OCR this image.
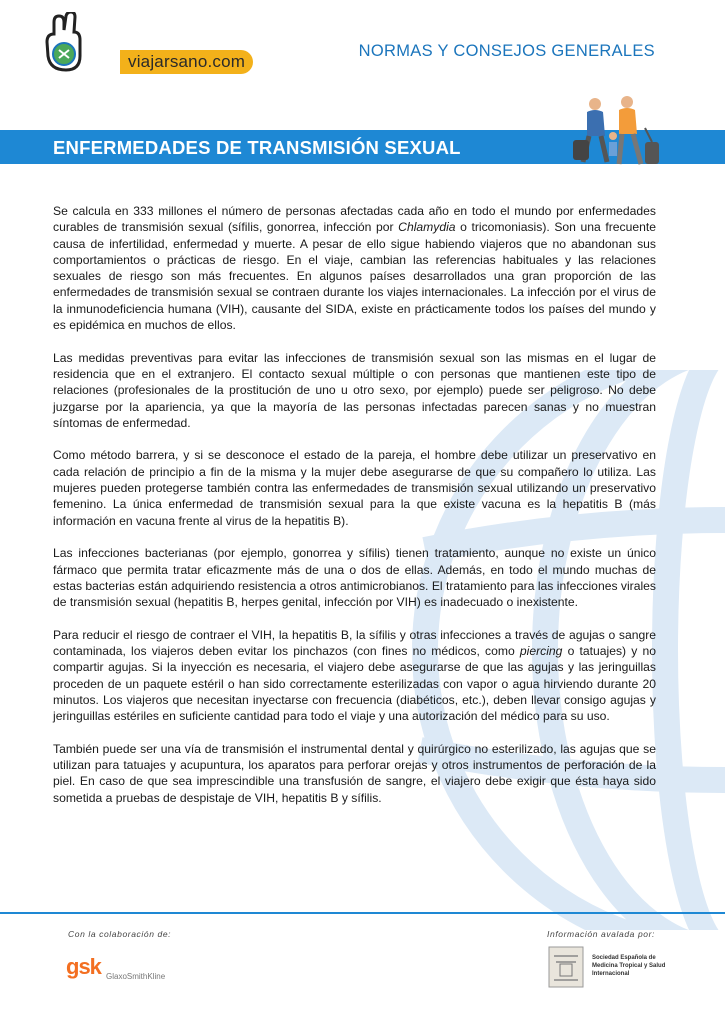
viajarsano.com
NORMAS Y CONSEJOS GENERALES
ENFERMEDADES DE TRANSMISIÓN SEXUAL

Se calcula en 333 millones el número de personas afectadas cada año en todo el mundo por enfermedades curables de transmisión sexual (sífilis, gonorrea, infección por Chlamydia o tricomoniasis). Son una frecuente causa de infertilidad, enfermedad y muerte. A pesar de ello sigue habiendo viajeros que no abandonan sus comportamientos o prácticas de riesgo. En el viaje, cambian las referencias habituales y las relaciones sexuales de riesgo son más frecuentes. En algunos países desarrollados una gran proporción de las enfermedades de transmisión sexual se contraen durante los viajes internacionales. La infección por el virus de la inmunodeficiencia humana (VIH), causante del SIDA, existe en prácticamente todos los países del mundo y es epidémica en muchos de ellos.

Las medidas preventivas para evitar las infecciones de transmisión sexual son las mismas en el lugar de residencia que en el extranjero. El contacto sexual múltiple o con personas que mantienen este tipo de relaciones (profesionales de la prostitución de uno u otro sexo, por ejemplo) puede ser peligroso. No debe juzgarse por la apariencia, ya que la mayoría de las personas infectadas parecen sanas y no muestran síntomas de enfermedad.

Como método barrera, y si se desconoce el estado de la pareja, el hombre debe utilizar un preservativo en cada relación de principio a fin de la misma y la mujer debe asegurarse de que su compañero lo utiliza. Las mujeres pueden protegerse también contra las enfermedades de transmisión sexual utilizando un preservativo femenino. La única enfermedad de transmisión sexual para la que existe vacuna es la hepatitis B (más información en vacuna frente al virus de la hepatitis B).

Las infecciones bacterianas (por ejemplo, gonorrea y sífilis) tienen tratamiento, aunque no existe un único fármaco que permita tratar eficazmente más de una o dos de ellas. Además, en todo el mundo muchas de estas bacterias están adquiriendo resistencia a otros antimicrobianos. El tratamiento para las infecciones virales de transmisión sexual (hepatitis B, herpes genital, infección por VIH) es inadecuado o inexistente.

Para reducir el riesgo de contraer el VIH, la hepatitis B, la sífilis y otras infecciones a través de agujas o sangre contaminada, los viajeros deben evitar los pinchazos (con fines no médicos, como piercing o tatuajes) y no compartir agujas. Si la inyección es necesaria, el viajero debe asegurarse de que las agujas y las jeringuillas proceden de un paquete estéril o han sido correctamente esterilizadas con vapor o agua hirviendo durante 20 minutos. Los viajeros que necesitan inyectarse con frecuencia (diabéticos, etc.), deben llevar consigo agujas y jeringuillas estériles en suficiente cantidad para todo el viaje y una autorización del médico para su uso.

También puede ser una vía de transmisión el instrumental dental y quirúrgico no esterilizado, las agujas que se utilizan para tatuajes y acupuntura, los aparatos para perforar orejas y otros instrumentos de perforación de la piel. En caso de que sea imprescindible una transfusión de sangre, el viajero debe exigir que ésta haya sido sometida a pruebas de despistaje de VIH, hepatitis B y sífilis.

Con la colaboración de:	Información avalada por:
gsk GlaxoSmithKline
Sociedad Española de Medicina Tropical y Salud Internacional
